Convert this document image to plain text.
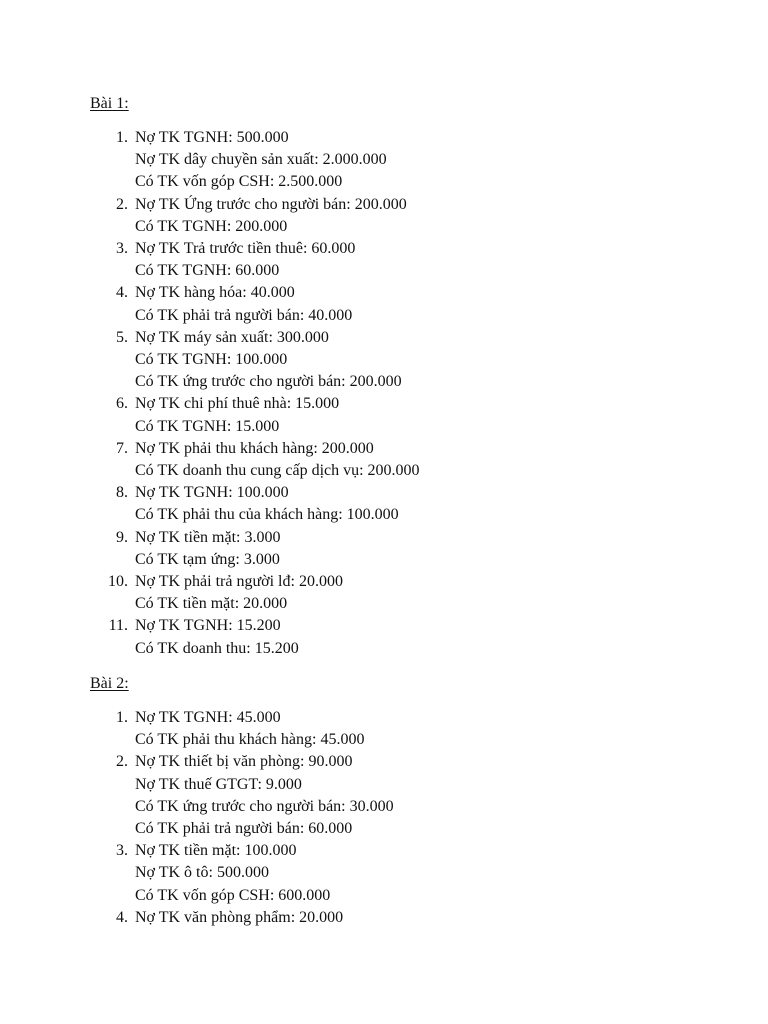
Bài 1:
1. Nợ TK TGNH: 500.000
Nợ TK dây chuyền sản xuất: 2.000.000
Có TK vốn góp CSH: 2.500.000
2. Nợ TK Ứng trước cho người bán: 200.000
Có TK TGNH: 200.000
3. Nợ TK Trả trước tiền thuê: 60.000
Có TK TGNH: 60.000
4. Nợ TK hàng hóa: 40.000
Có TK phải trả người bán: 40.000
5. Nợ TK máy sản xuất: 300.000
Có TK TGNH: 100.000
Có TK ứng trước cho người bán: 200.000
6. Nợ TK chi phí thuê nhà: 15.000
Có TK TGNH: 15.000
7. Nợ TK phải thu khách hàng: 200.000
Có TK doanh thu cung cấp dịch vụ: 200.000
8. Nợ TK TGNH: 100.000
Có TK phải thu của khách hàng: 100.000
9. Nợ TK tiền mặt: 3.000
Có TK tạm ứng: 3.000
10. Nợ TK phải trả người lđ: 20.000
Có TK tiền mặt: 20.000
11. Nợ TK TGNH: 15.200
Có TK doanh thu: 15.200
Bài 2:
1. Nợ TK TGNH: 45.000
Có TK phải thu khách hàng: 45.000
2. Nợ TK thiết bị văn phòng: 90.000
Nợ TK thuế GTGT: 9.000
Có TK ứng trước cho người bán: 30.000
Có TK phải trả người bán: 60.000
3. Nợ TK tiền mặt: 100.000
Nợ TK ô tô: 500.000
Có TK vốn góp CSH: 600.000
4. Nợ TK văn phòng phẩm: 20.000
